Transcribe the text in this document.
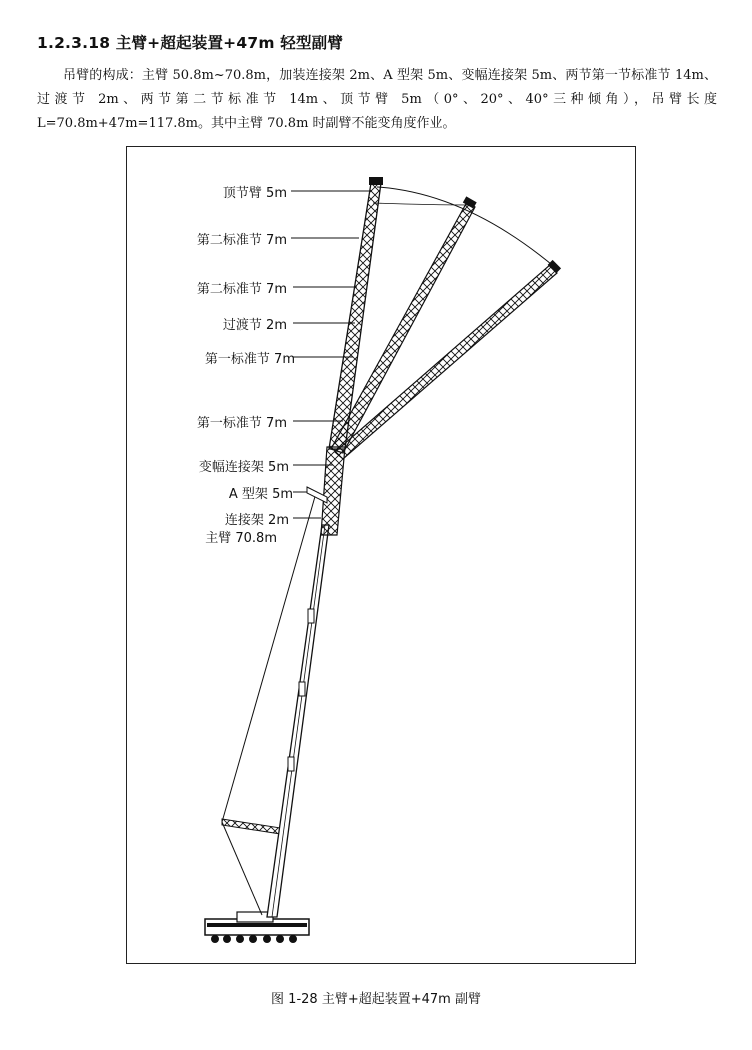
1.2.3.18 主臂+超起装置+47m 轻型副臂

吊臂的构成：主臂 50.8m~70.8m，加装连接架 2m、A 型架 5m、变幅连接架 5m、两节第一节标准节 14m、过渡节 2m、两节第二节标准节 14m、顶节臂 5m（0°、20°、40°三种倾角），吊臂长度 L=70.8m+47m=117.8m。其中主臂 70.8m 时副臂不能变角度作业。

顶节臂 5m
第二标准节 7m
第二标准节 7m
过渡节 2m
第一标准节 7m
第一标准节 7m
变幅连接架 5m
A 型架 5m
连接架 2m
主臂 70.8m
图 1-28 主臂+超起装置+47m 副臂
